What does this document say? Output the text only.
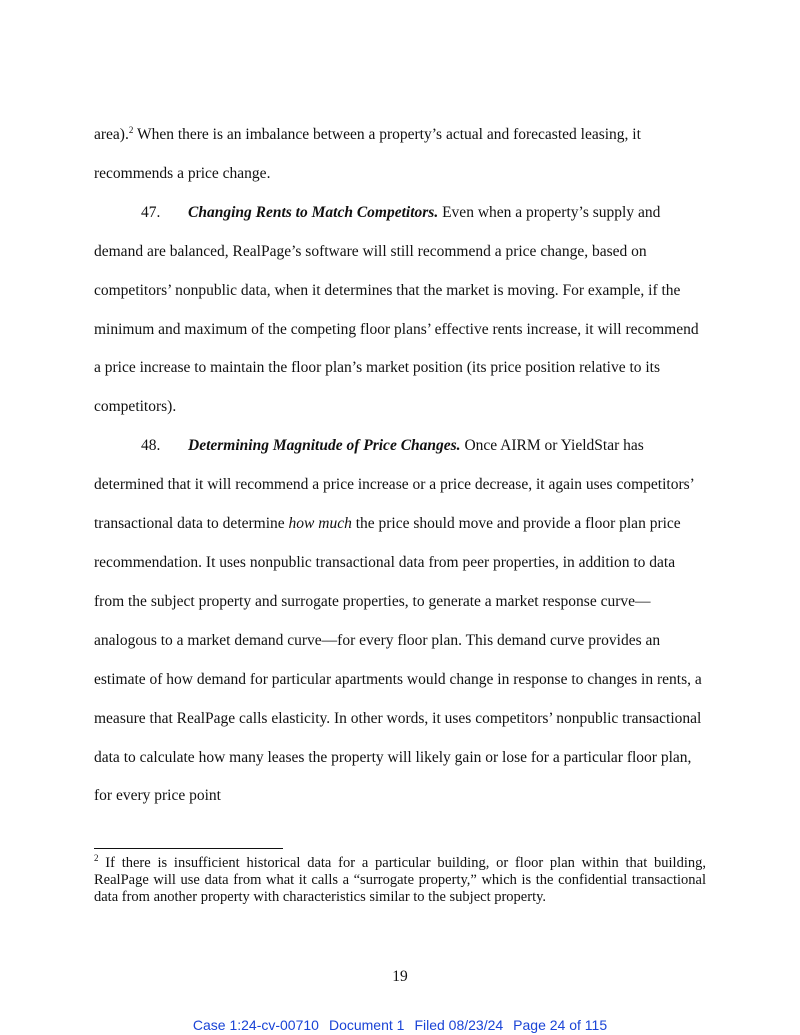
area).$^2$ When there is an imbalance between a property’s actual and forecasted leasing, it recommends a price change.

47. Changing Rents to Match Competitors. Even when a property’s supply and demand are balanced, RealPage’s software will still recommend a price change, based on competitors’ nonpublic data, when it determines that the market is moving. For example, if the minimum and maximum of the competing floor plans’ effective rents increase, it will recommend a price increase to maintain the floor plan’s market position (its price position relative to its competitors).

48. Determining Magnitude of Price Changes. Once AIRM or YieldStar has determined that it will recommend a price increase or a price decrease, it again uses competitors’ transactional data to determine how much the price should move and provide a floor plan price recommendation. It uses nonpublic transactional data from peer properties, in addition to data from the subject property and surrogate properties, to generate a market response curve—analogous to a market demand curve—for every floor plan. This demand curve provides an estimate of how demand for particular apartments would change in response to changes in rents, a measure that RealPage calls elasticity. In other words, it uses competitors’ nonpublic transactional data to calculate how many leases the property will likely gain or lose for a particular floor plan, for every price point

$^2$ If there is insufficient historical data for a particular building, or floor plan within that building, RealPage will use data from what it calls a “surrogate property,” which is the confidential transactional data from another property with characteristics similar to the subject property.

19
Case 1:24-cv-00710 Document 1 Filed 08/23/24 Page 24 of 115
